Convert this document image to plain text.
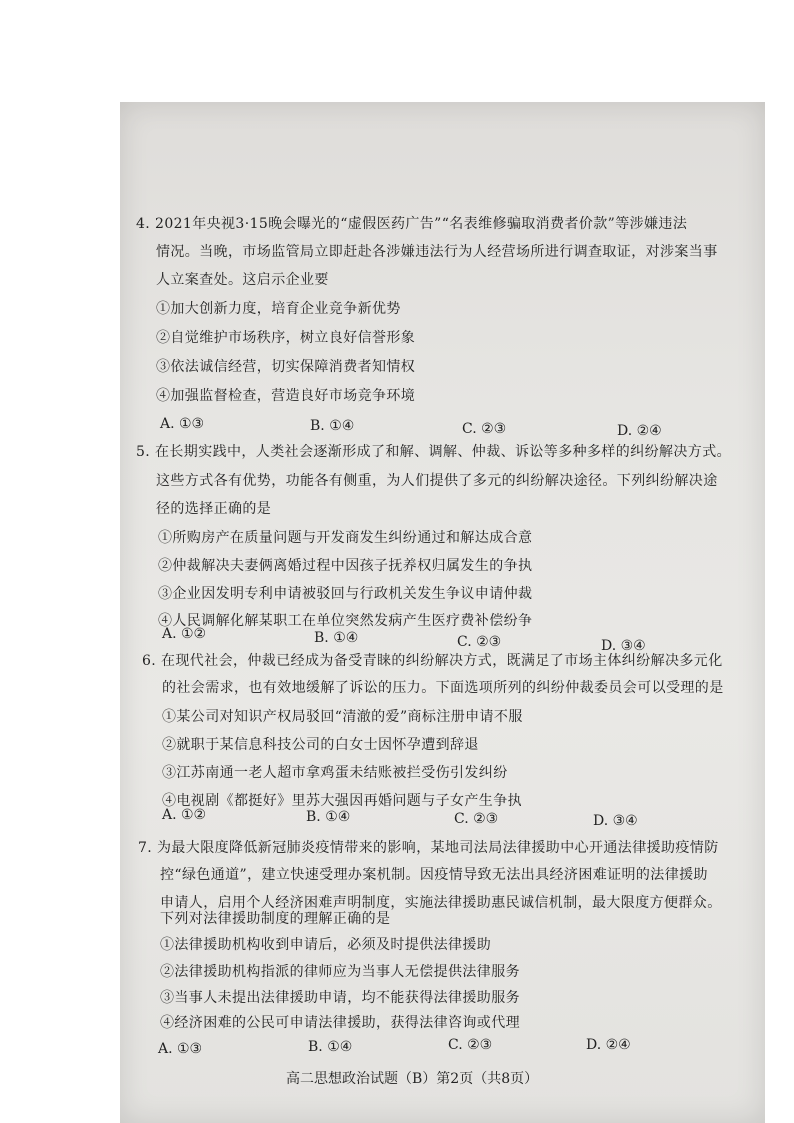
4. 2021年央视3·15晚会曝光的“虚假医药广告”“名表维修骗取消费者价款”等涉嫌违法
情况。当晚，市场监管局立即赶赴各涉嫌违法行为人经营场所进行调查取证，对涉案当事
人立案查处。这启示企业要
①加大创新力度，培育企业竞争新优势
②自觉维护市场秩序，树立良好信誉形象
③依法诚信经营，切实保障消费者知情权
④加强监督检查，营造良好市场竞争环境
A. ①③	B. ①④	C. ②③	D. ②④
5. 在长期实践中，人类社会逐渐形成了和解、调解、仲裁、诉讼等多种多样的纠纷解决方式。
这些方式各有优势，功能各有侧重，为人们提供了多元的纠纷解决途径。下列纠纷解决途
径的选择正确的是
①所购房产在质量问题与开发商发生纠纷通过和解达成合意
②仲裁解决夫妻俩离婚过程中因孩子抚养权归属发生的争执
③企业因发明专利申请被驳回与行政机关发生争议申请仲裁
④人民调解化解某职工在单位突然发病产生医疗费补偿纷争
A. ①②	B. ①④	C. ②③	D. ③④
6. 在现代社会，仲裁已经成为备受青睐的纠纷解决方式，既满足了市场主体纠纷解决多元化
的社会需求，也有效地缓解了诉讼的压力。下面选项所列的纠纷仲裁委员会可以受理的是
①某公司对知识产权局驳回“清澈的爱”商标注册申请不服
②就职于某信息科技公司的白女士因怀孕遭到辞退
③江苏南通一老人超市拿鸡蛋未结账被拦受伤引发纠纷
④电视剧《都挺好》里苏大强因再婚问题与子女产生争执
A. ①②	B. ①④	C. ②③	D. ③④
7. 为最大限度降低新冠肺炎疫情带来的影响，某地司法局法律援助中心开通法律援助疫情防
控“绿色通道”，建立快速受理办案机制。因疫情导致无法出具经济困难证明的法律援助
申请人，启用个人经济困难声明制度，实施法律援助惠民诚信机制，最大限度方便群众。
下列对法律援助制度的理解正确的是
①法律援助机构收到申请后，必须及时提供法律援助
②法律援助机构指派的律师应为当事人无偿提供法律服务
③当事人未提出法律援助申请，均不能获得法律援助服务
④经济困难的公民可申请法律援助，获得法律咨询或代理
A. ①③	B. ①④	C. ②③	D. ②④
高二思想政治试题（B）第2页（共8页）
